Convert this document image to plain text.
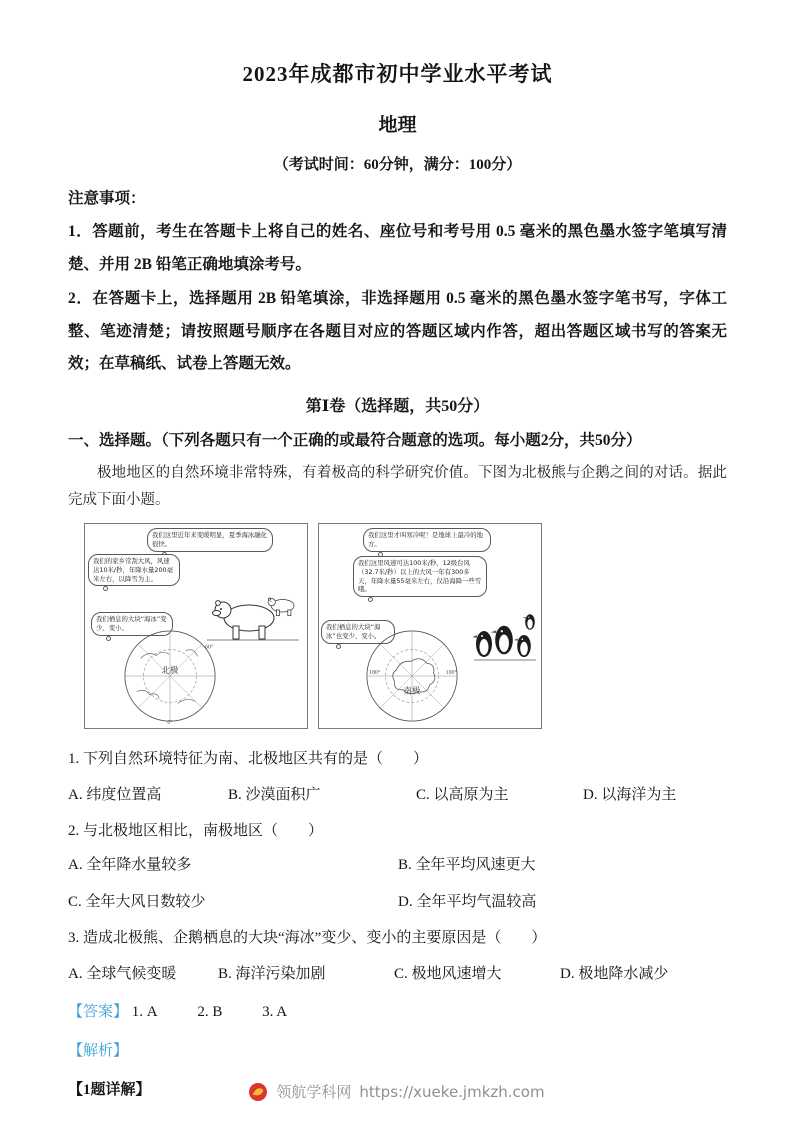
2023年成都市初中学业水平考试
地理
（考试时间：60分钟，满分：100分）
注意事项：

1．答题前，考生在答题卡上将自己的姓名、座位号和考号用 0.5 毫米的黑色墨水签字笔填写清楚、并用 2B 铅笔正确地填涂考号。

2．在答题卡上，选择题用 2B 铅笔填涂，非选择题用 0.5 毫米的黑色墨水签字笔书写，字体工整、笔迹清楚；请按照题号顺序在各题目对应的答题区域内作答，超出答题区域书写的答案无效；在草稿纸、试卷上答题无效。

第Ⅰ卷（选择题，共50分）
一、选择题。（下列各题只有一个正确的或最符合题意的选项。每小题2分，共50分）

极地地区的自然环境非常特殊，有着极高的科学研究价值。下图为北极熊与企鹅之间的对话。据此完成下面小题。

我们这里近年来变暖明显，夏季海冰融化很快。
我们的家乡常刮大风，风速达10米/秒，年降水量200毫米左右，以降雪为主。
我们栖息的大块“海冰”变少、变小。
北极
0°
60°
我们这里才叫寒冷呢！是地球上最冷的地方。
我们这里风速可达100米/秒，12级台风（32.7米/秒）以上的大风一年有300多天，年降水量55毫米左右，仅沿海降一些雪哦。
我们栖息的大块“海冰”也变少、变小。
南极
180°	100°
1. 下列自然环境特征为南、北极地区共有的是（　　）
A. 纬度位置高	B. 沙漠面积广	C. 以高原为主	D. 以海洋为主
2. 与北极地区相比，南极地区（　　）
A. 全年降水量较多	B. 全年平均风速更大
C. 全年大风日数较少	D. 全年平均气温较高
3. 造成北极熊、企鹅栖息的大块“海冰”变少、变小的主要原因是（　　）
A. 全球气候变暖	B. 海洋污染加剧	C. 极地风速增大	D. 极地降水减少
【答案】 1. A	2. B	3. A
【解析】
【1题详解】	领航学科网 https://xueke.jmkzh.com
